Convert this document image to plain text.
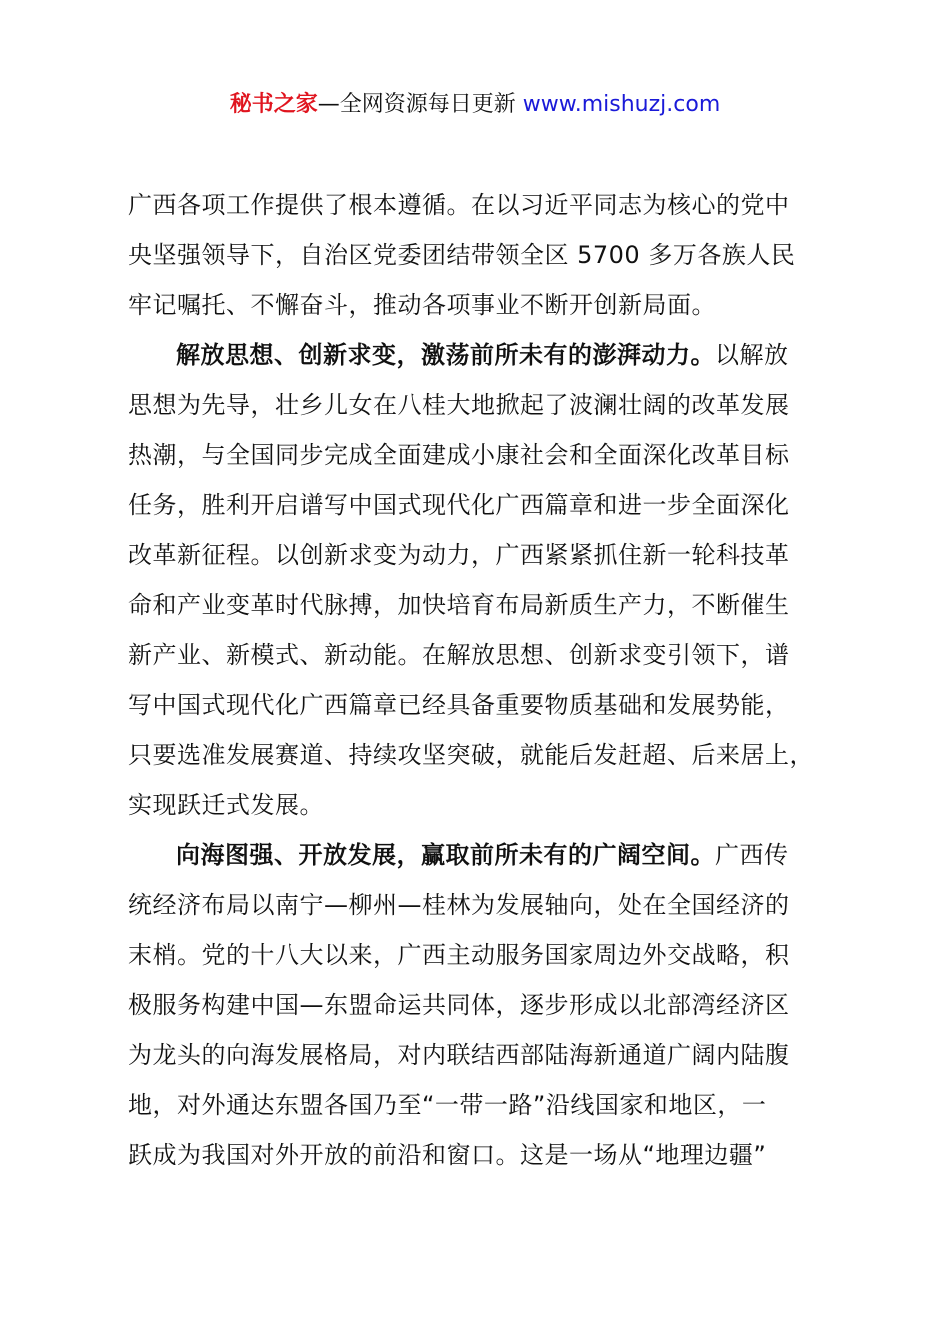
秘书之家—全网资源每日更新 www.mishuzj.com
广西各项工作提供了根本遵循。在以习近平同志为核心的党中
央坚强领导下，自治区党委团结带领全区 5700 多万各族人民
牢记嘱托、不懈奋斗，推动各项事业不断开创新局面。
解放思想、创新求变，激荡前所未有的澎湃动力。以解放
思想为先导，壮乡儿女在八桂大地掀起了波澜壮阔的改革发展
热潮，与全国同步完成全面建成小康社会和全面深化改革目标
任务，胜利开启谱写中国式现代化广西篇章和进一步全面深化
改革新征程。以创新求变为动力，广西紧紧抓住新一轮科技革
命和产业变革时代脉搏，加快培育布局新质生产力，不断催生
新产业、新模式、新动能。在解放思想、创新求变引领下，谱
写中国式现代化广西篇章已经具备重要物质基础和发展势能，
只要选准发展赛道、持续攻坚突破，就能后发赶超、后来居上，
实现跃迁式发展。
向海图强、开放发展，赢取前所未有的广阔空间。广西传
统经济布局以南宁—柳州—桂林为发展轴向，处在全国经济的
末梢。党的十八大以来，广西主动服务国家周边外交战略，积
极服务构建中国—东盟命运共同体，逐步形成以北部湾经济区
为龙头的向海发展格局，对内联结西部陆海新通道广阔内陆腹
地，对外通达东盟各国乃至“一带一路”沿线国家和地区，一
跃成为我国对外开放的前沿和窗口。这是一场从“地理边疆”
